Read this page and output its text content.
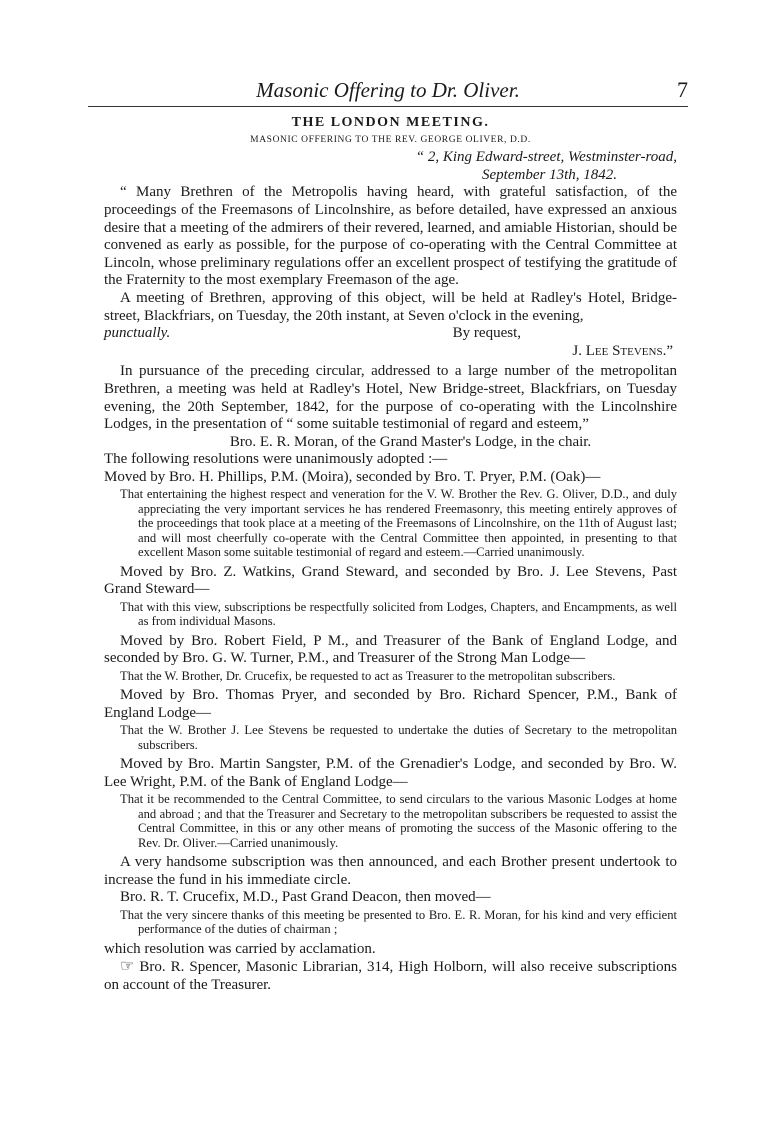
Masonic Offering to Dr. Oliver.	7

THE LONDON MEETING.

MASONIC OFFERING TO THE REV. GEORGE OLIVER, D.D.

“ 2, King Edward-street, Westminster-road,

September 13th, 1842.

“ Many Brethren of the Metropolis having heard, with grateful satisfaction, of the proceedings of the Freemasons of Lincolnshire, as before detailed, have expressed an anxious desire that a meeting of the admirers of their revered, learned, and amiable Historian, should be convened as early as possible, for the purpose of co-operating with the Central Committee at Lincoln, whose preliminary regulations offer an excellent prospect of testifying the gratitude of the Fraternity to the most exemplary Freemason of the age.

A meeting of Brethren, approving of this object, will be held at Radley's Hotel, Bridge-street, Blackfriars, on Tuesday, the 20th instant, at Seven o'clock in the evening,

punctually.	By request,

J. Lee Stevens.”

In pursuance of the preceding circular, addressed to a large number of the metropolitan Brethren, a meeting was held at Radley's Hotel, New Bridge-street, Blackfriars, on Tuesday evening, the 20th September, 1842, for the purpose of co-operating with the Lincolnshire Lodges, in the presentation of “ some suitable testimonial of regard and esteem,”

Bro. E. R. Moran, of the Grand Master's Lodge, in the chair.

The following resolutions were unanimously adopted :—

Moved by Bro. H. Phillips, P.M. (Moira), seconded by Bro. T. Pryer, P.M. (Oak)—

That entertaining the highest respect and veneration for the V. W. Brother the Rev. G. Oliver, D.D., and duly appreciating the very important services he has rendered Freemasonry, this meeting entirely approves of the proceedings that took place at a meeting of the Freemasons of Lincolnshire, on the 11th of August last; and will most cheerfully co-operate with the Central Committee then appointed, in presenting to that excellent Mason some suitable testimonial of regard and esteem.—Carried unanimously.

Moved by Bro. Z. Watkins, Grand Steward, and seconded by Bro. J. Lee Stevens, Past Grand Steward—

That with this view, subscriptions be respectfully solicited from Lodges, Chapters, and Encampments, as well as from individual Masons.

Moved by Bro. Robert Field, P M., and Treasurer of the Bank of England Lodge, and seconded by Bro. G. W. Turner, P.M., and Treasurer of the Strong Man Lodge—

That the W. Brother, Dr. Crucefix, be requested to act as Treasurer to the metropolitan subscribers.

Moved by Bro. Thomas Pryer, and seconded by Bro. Richard Spencer, P.M., Bank of England Lodge—

That the W. Brother J. Lee Stevens be requested to undertake the duties of Secretary to the metropolitan subscribers.

Moved by Bro. Martin Sangster, P.M. of the Grenadier's Lodge, and seconded by Bro. W. Lee Wright, P.M. of the Bank of England Lodge—

That it be recommended to the Central Committee, to send circulars to the various Masonic Lodges at home and abroad ; and that the Treasurer and Secretary to the metropolitan subscribers be requested to assist the Central Committee, in this or any other means of promoting the success of the Masonic offering to the Rev. Dr. Oliver.—Carried unanimously.

A very handsome subscription was then announced, and each Brother present undertook to increase the fund in his immediate circle.

Bro. R. T. Crucefix, M.D., Past Grand Deacon, then moved—

That the very sincere thanks of this meeting be presented to Bro. E. R. Moran, for his kind and very efficient performance of the duties of chairman ;

which resolution was carried by acclamation.

☞ Bro. R. Spencer, Masonic Librarian, 314, High Holborn, will also receive subscriptions on account of the Treasurer.
